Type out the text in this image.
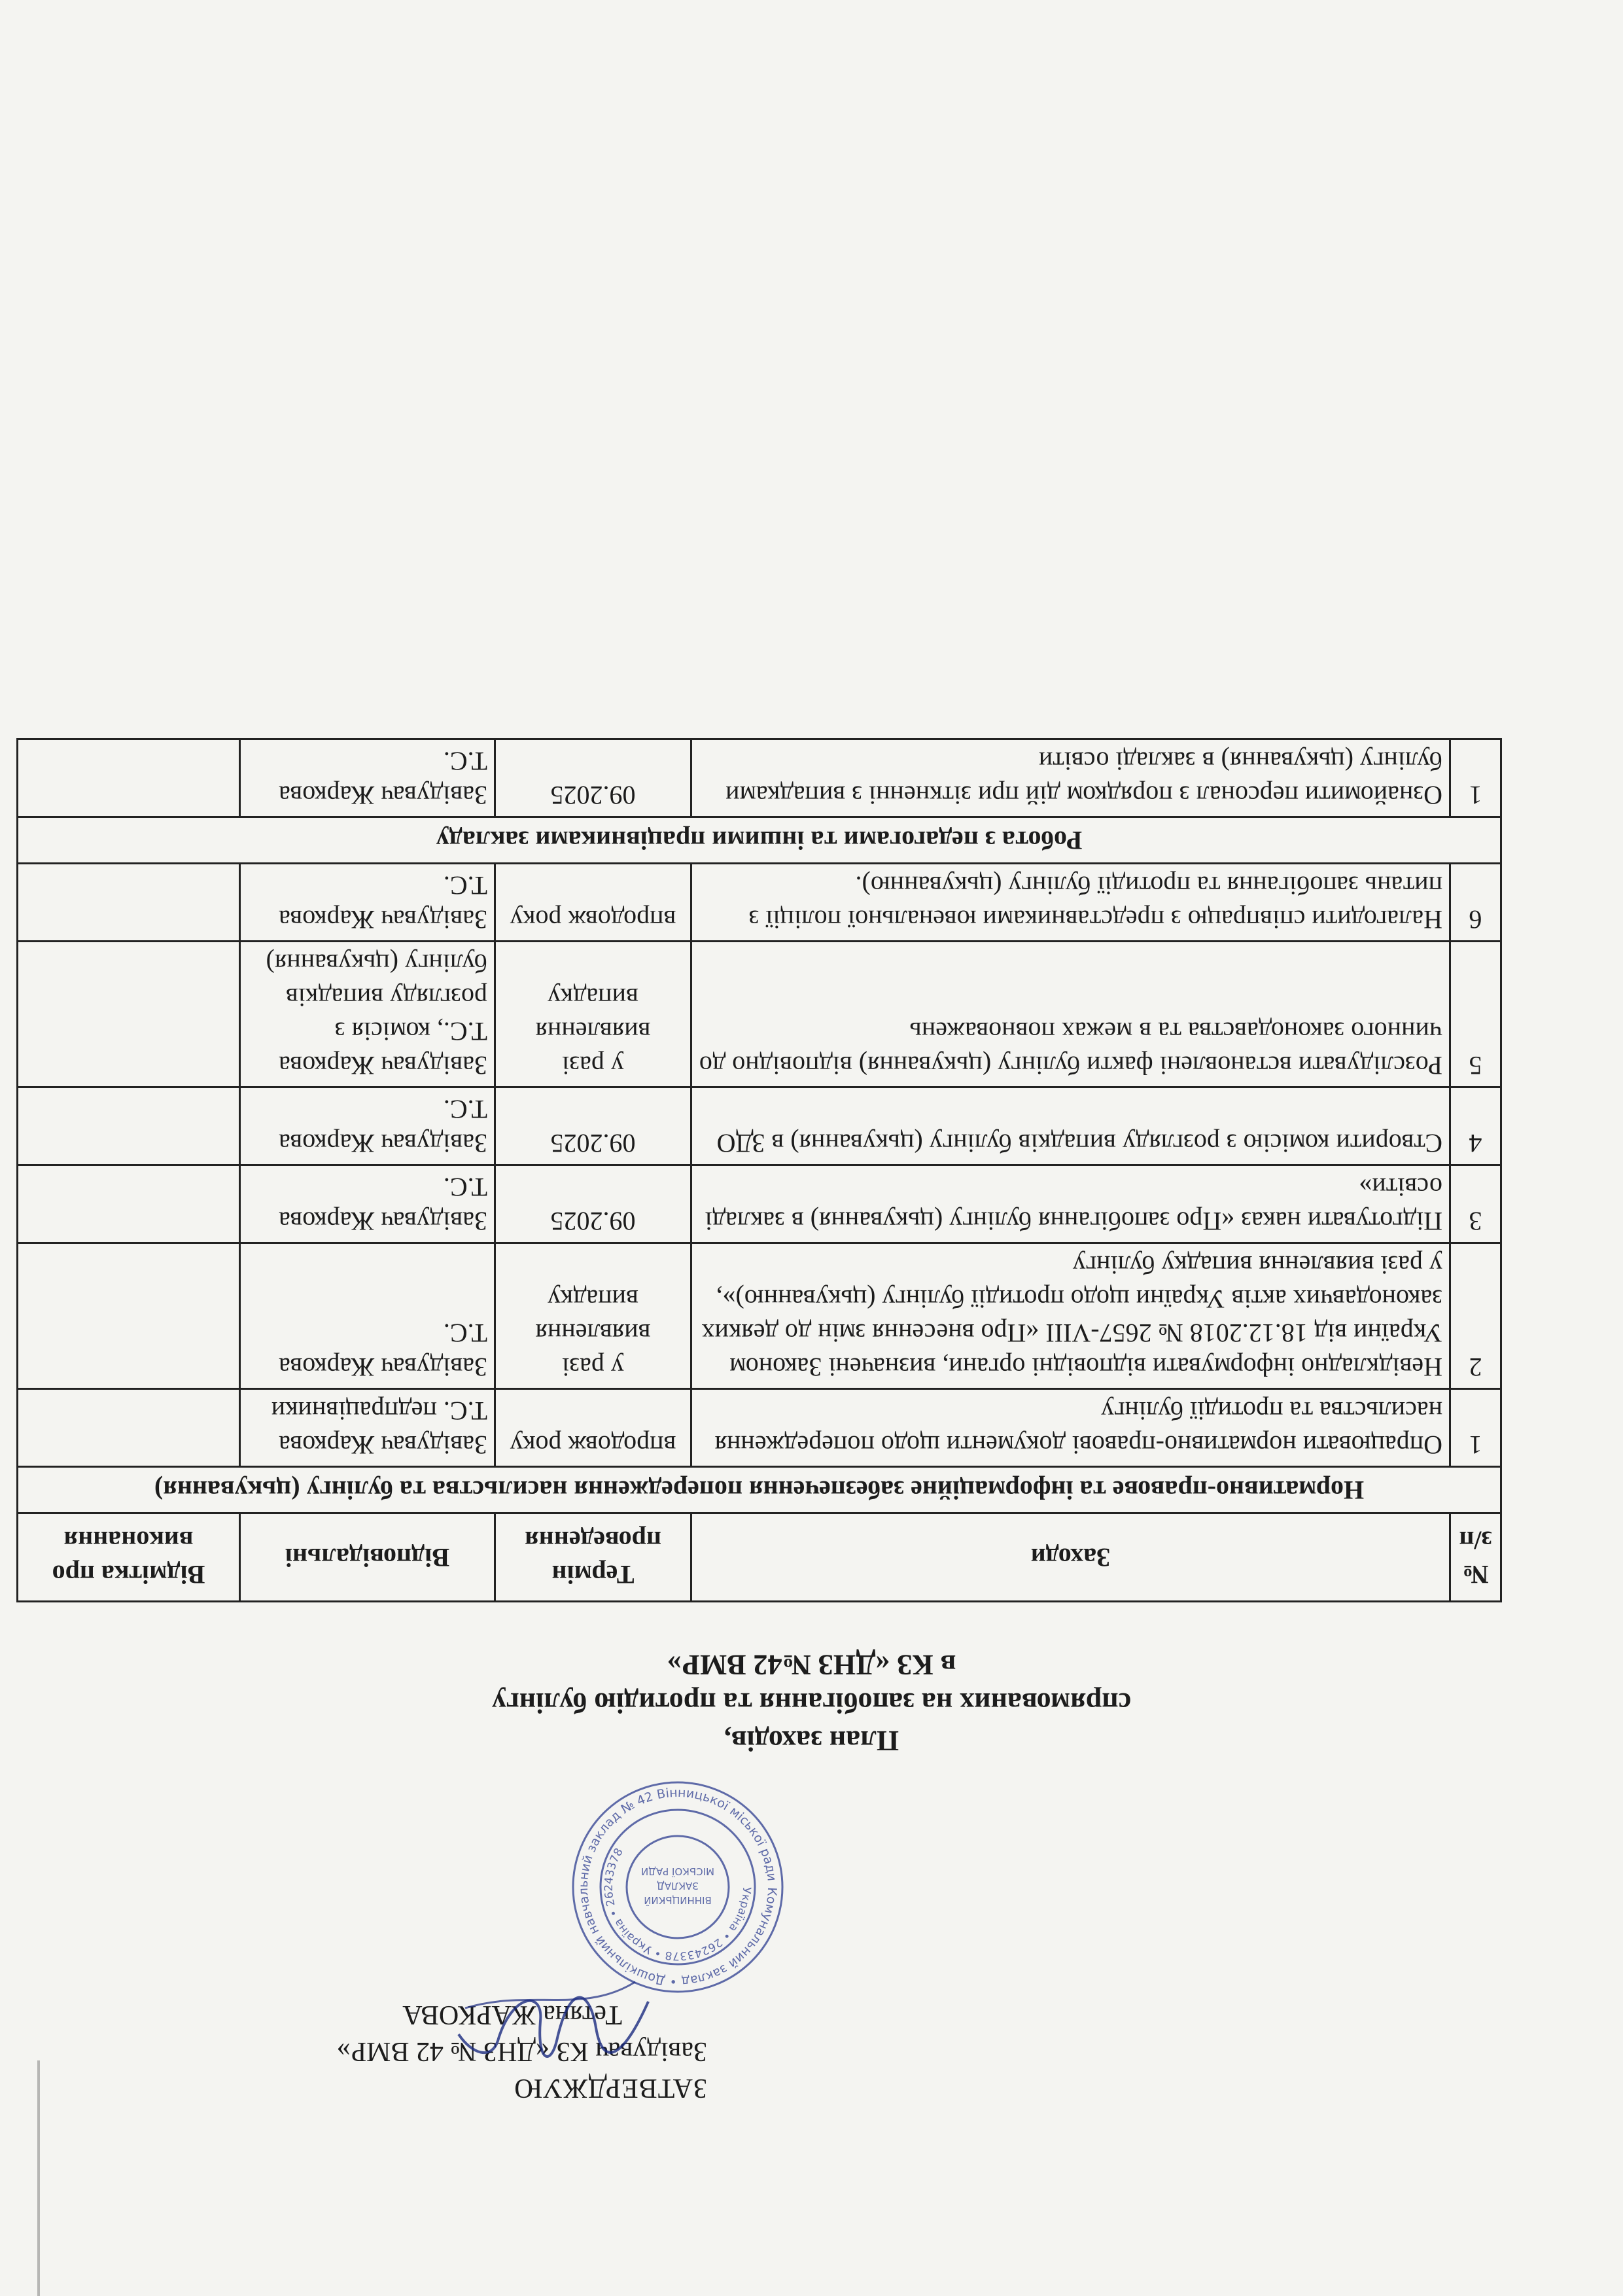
ЗАТВЕРДЖУЮ
Завідувач КЗ «ДНЗ № 42 ВМР»
Тетяна ЖАРКОВА
Комунальний заклад • Дошкільний навчальний заклад № 42 Вінницької міської ради
Україна • 26243378 • Україна • 26243378
ВІННИЦЬКИЙ
ЗАКЛАД
МІСЬКОЇ РАДИ
План заходів,
спрямованих на запобігання та протидію булінгу
в КЗ «ДНЗ №42 ВМР»
№ з/п	Заходи	Термін проведення	Відповідальні	Відмітка про виконання
Нормативно-правове та інформаційне забезпечення попередження насильства та булінгу (цькування)				
1	Опрацювати нормативно-правові документи щодо попередження насильства та протидії булінгу	впродовж року	Завідувач Жаркова Т.С. педпрацівники	
2	Невідкладно інформувати відповідні органи, визначені Законом України від 18.12.2018 № 2657-VIII «Про внесення змін до деяких законодавчих актів України щодо протидії булінгу (цькуванню)», у разі виявлення випадку булінгу	у разі виявлення випадку	Завідувач Жаркова Т.С.	
3	Підготувати наказ «Про запобігання булінгу (цькування) в закладі освіти»	09.2025	Завідувач Жаркова Т.С.	
4	Створити комісію з розгляду випадків булінгу (цькування) в ЗДО	09.2025	Завідувач Жаркова Т.С.	
5	Розслідувати встановлені факти булінгу (цькування) відповідно до чинного законодавства та в межах повноважень	у разі виявлення випадку	Завідувач Жаркова Т.С., комісія з розгляду випадків булінгу (цькування)	
6	Налагодити співпрацю з представниками ювенальної поліції з питань запобігання та протидії булінгу (цькуванню).	впродовж року	Завідувач Жаркова Т.С.	
Робота з педагогами та іншими працівниками закладу				
1	Ознайомити персонал з порядком дій при зіткненні з випадками булінгу (цькування) в закладі освіти	09.2025	Завідувач Жаркова Т.С.	
